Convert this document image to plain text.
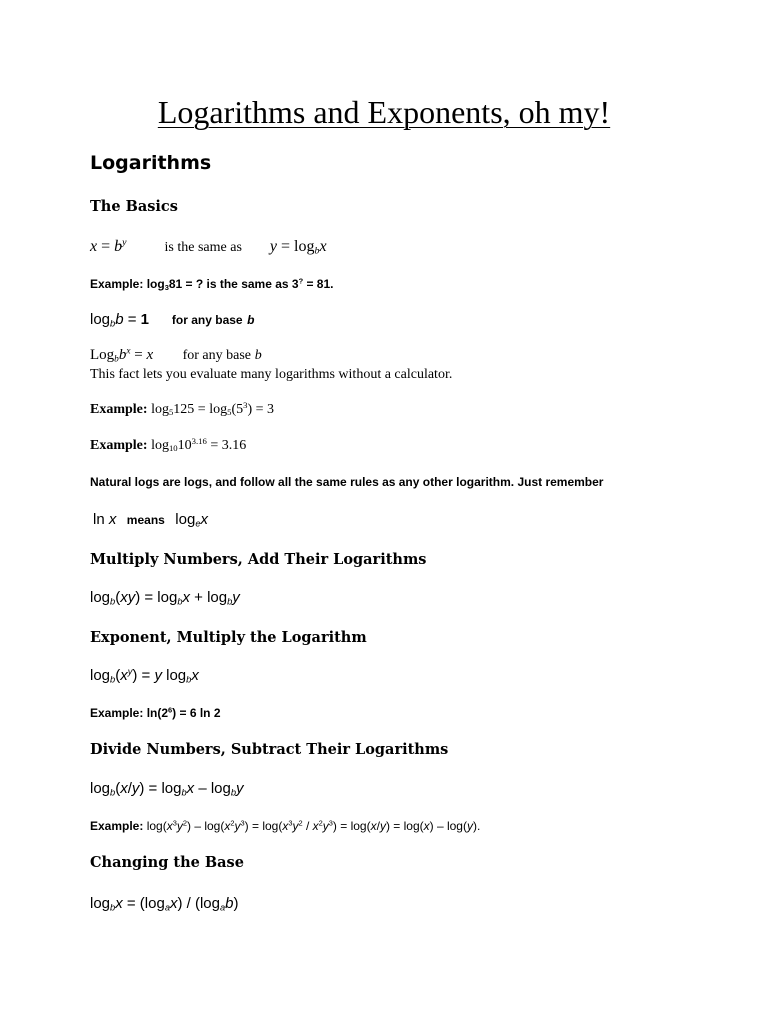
Logarithms and Exponents, oh my!
Logarithms
The Basics
$x = b^y$	is the same as $y = \log_bx$
Example: $\log_381$ = ? is the same as 3? = 81.
$\log_bb = 1$ for any base b
$Log_bb^x = x$ for any base b
This fact lets you evaluate many logarithms without a calculator.
Example: $\log_5125 = \log_5(5^3) = 3$
Example: $\log_{10}10^{3.16} = 3.16$
Natural logs are logs, and follow all the same rules as any other logarithm. Just remember
ln x means $\log_ex$
Multiply Numbers, Add Their Logarithms
$\log_b(xy) = \log_bx + \log_by$
Exponent, Multiply the Logarithm
$\log_b(x^y) = y$ $\log_bx$
Example: $\ln(2^6) = 6$ ln 2
Divide Numbers, Subtract Their Logarithms
$\log_b(x/y) = \log_bx - \log_by$
Example: $\log(x^3y^2) - \log(x^2y^3) = \log(x^3y^2 / x^2y^3) = \log(x/y) = \log(x) - \log(y)$.
Changing the Base
$\log_bx = (\log_ax) / (\log_ab)$
